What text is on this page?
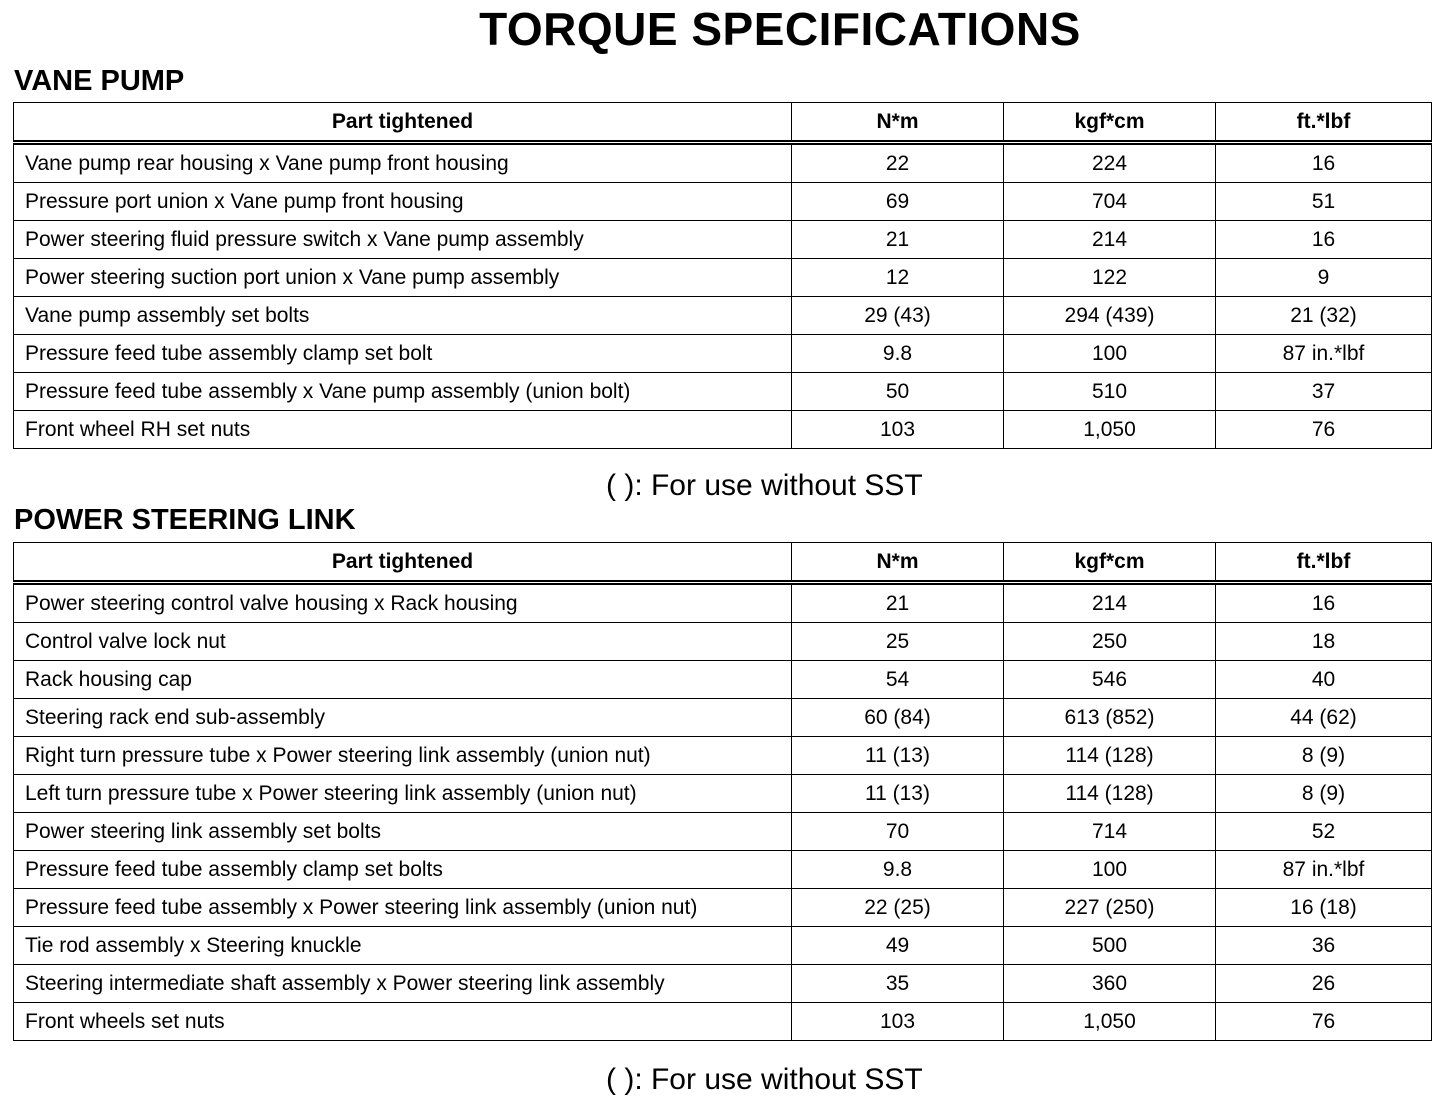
TORQUE SPECIFICATIONS
VANE PUMP
Part tightened	N*m	kgf*cm	ft.*lbf
Vane pump rear housing x Vane pump front housing	22	224	16
Pressure port union x Vane pump front housing	69	704	51
Power steering fluid pressure switch x Vane pump assembly	21	214	16
Power steering suction port union x Vane pump assembly	12	122	9
Vane pump assembly set bolts	29 (43)	294 (439)	21 (32)
Pressure feed tube assembly clamp set bolt	9.8	100	87 in.*lbf
Pressure feed tube assembly x Vane pump assembly (union bolt)	50	510	37
Front wheel RH set nuts	103	1,050	76
( ): For use without SST
POWER STEERING LINK
Part tightened	N*m	kgf*cm	ft.*lbf
Power steering control valve housing x Rack housing	21	214	16
Control valve lock nut	25	250	18
Rack housing cap	54	546	40
Steering rack end sub-assembly	60 (84)	613 (852)	44 (62)
Right turn pressure tube x Power steering link assembly (union nut)	11 (13)	114 (128)	8 (9)
Left turn pressure tube x Power steering link assembly (union nut)	11 (13)	114 (128)	8 (9)
Power steering link assembly set bolts	70	714	52
Pressure feed tube assembly clamp set bolts	9.8	100	87 in.*lbf
Pressure feed tube assembly x Power steering link assembly (union nut)	22 (25)	227 (250)	16 (18)
Tie rod assembly x Steering knuckle	49	500	36
Steering intermediate shaft assembly x Power steering link assembly	35	360	26
Front wheels set nuts	103	1,050	76
( ): For use without SST
